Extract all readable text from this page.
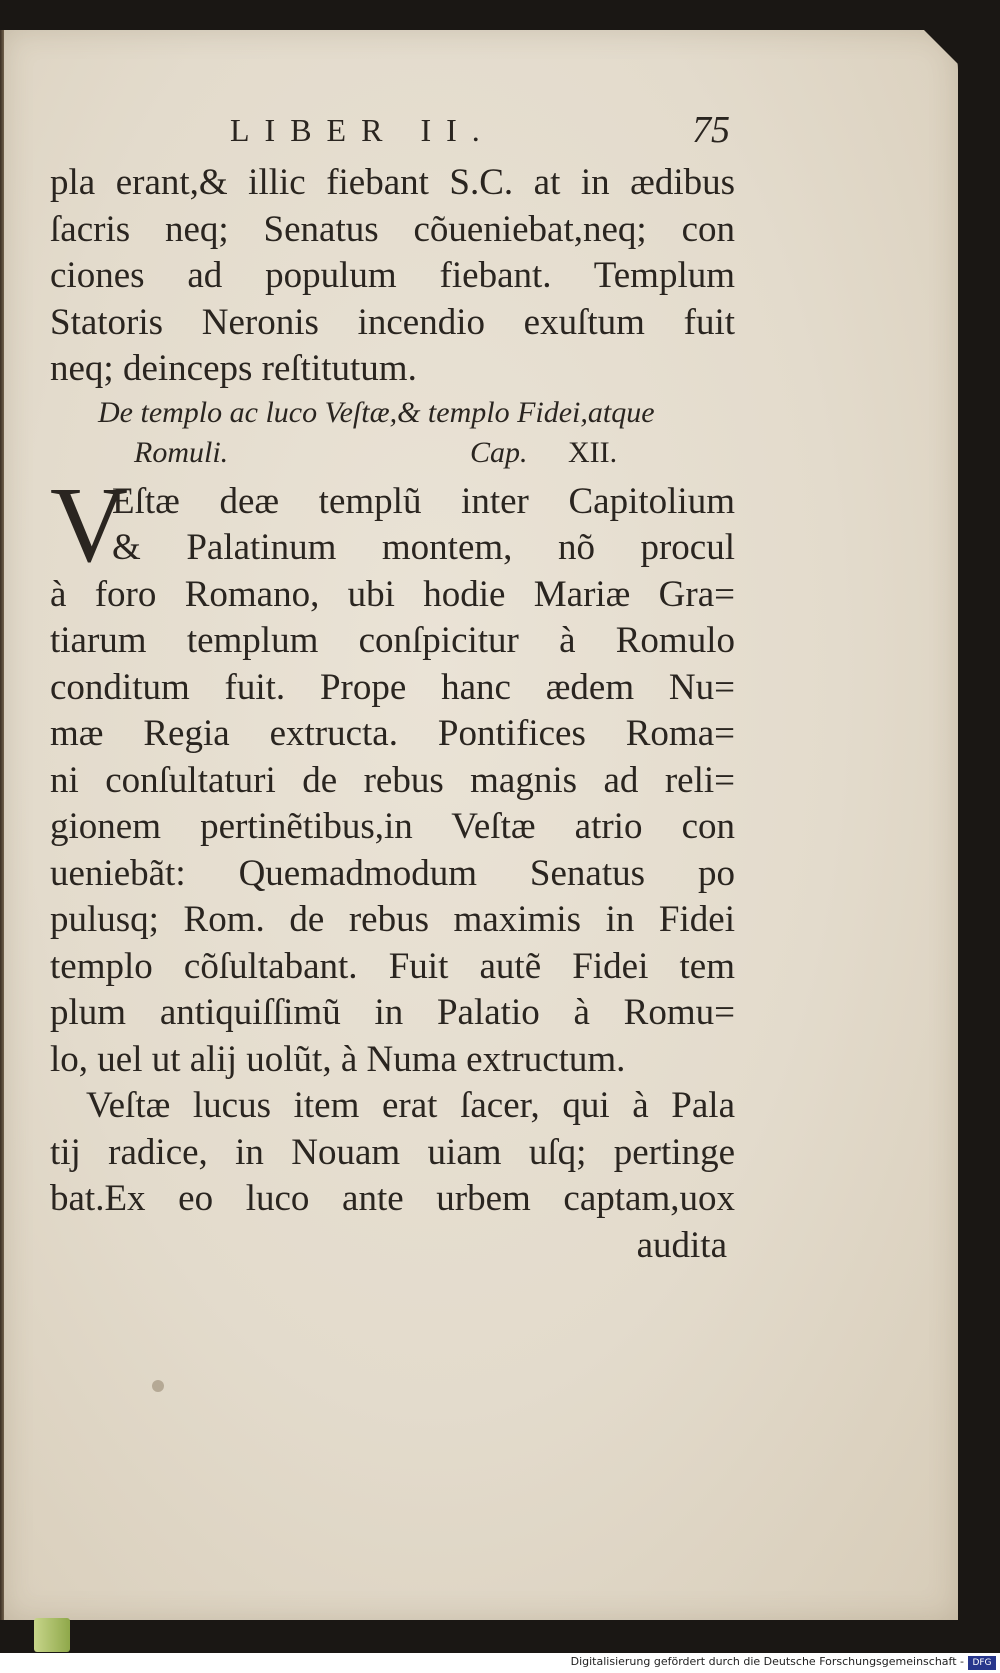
LIBER II.	75
pla erant,& illic fiebant S.C. at in ædibus
ſacris neq; Senatus cõueniebat,neq; con
ciones ad populum fiebant. Templum
Statoris Neronis incendio exuſtum fuit
neq; deinceps reſtitutum.
De templo ac luco Veſtæ,& templo Fidei,atque
Romuli.	Cap. XII.
V
Eſtæ deæ templũ inter Capitolium
& Palatinum montem, nõ procul
à foro Romano, ubi hodie Mariæ Gra=
tiarum templum conſpicitur à Romulo
conditum fuit. Prope hanc ædem Nu=
mæ Regia extructa. Pontifices Roma=
ni conſultaturi de rebus magnis ad reli=
gionem pertinẽtibus,in Veſtæ atrio con
ueniebãt: Quemadmodum Senatus po
pulusq; Rom. de rebus maximis in Fidei
templo cõſultabant. Fuit autẽ Fidei tem
plum antiquiſſimũ in Palatio à Romu=
lo, uel ut alij uolũt, à Numa extructum.
Veſtæ lucus item erat ſacer, qui à Pala
tij radice, in Nouam uiam uſq; pertinge
bat.Ex eo luco ante urbem captam,uox
audita
Digitalisierung gefördert durch die Deutsche Forschungsgemeinschaft - DFG
